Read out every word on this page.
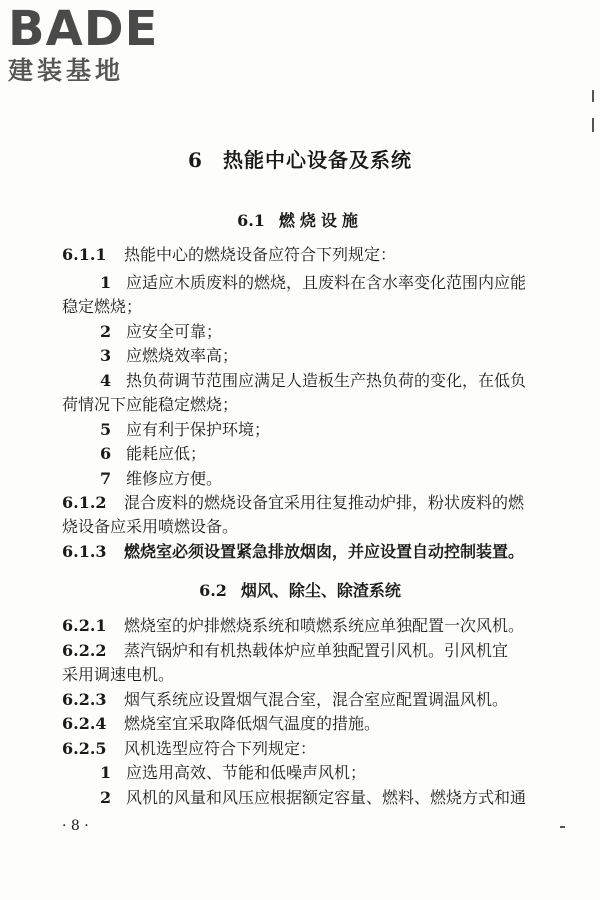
BADE
建装基地
6 热能中心设备及系统
6.1 燃烧设施
6.1.1 热能中心的燃烧设备应符合下列规定：
1 应适应木质废料的燃烧，且废料在含水率变化范围内应能
稳定燃烧；
2 应安全可靠；
3 应燃烧效率高；
4 热负荷调节范围应满足人造板生产热负荷的变化，在低负
荷情况下应能稳定燃烧；
5 应有利于保护环境；
6 能耗应低；
7 维修应方便。
6.1.2 混合废料的燃烧设备宜采用往复推动炉排，粉状废料的燃
烧设备应采用喷燃设备。
6.1.3 燃烧室必须设置紧急排放烟囱，并应设置自动控制装置。
6.2 烟风、除尘、除渣系统
6.2.1 燃烧室的炉排燃烧系统和喷燃系统应单独配置一次风机。
6.2.2 蒸汽锅炉和有机热载体炉应单独配置引风机。引风机宜
采用调速电机。
6.2.3 烟气系统应设置烟气混合室，混合室应配置调温风机。
6.2.4 燃烧室宜采取降低烟气温度的措施。
6.2.5 风机选型应符合下列规定：
1 应选用高效、节能和低噪声风机；
2 风机的风量和风压应根据额定容量、燃料、燃烧方式和通
· 8 ·
